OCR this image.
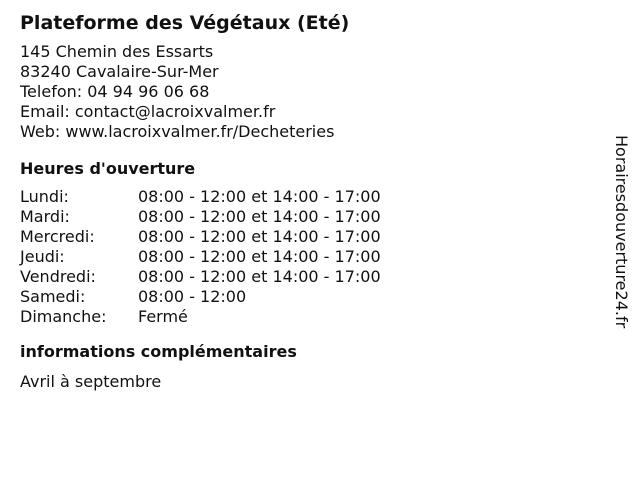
Plateforme des Végétaux (Eté)
145 Chemin des Essarts
83240 Cavalaire-Sur-Mer
Telefon: 04 94 96 06 68
Email: contact@lacroixvalmer.fr
Web: www.lacroixvalmer.fr/Decheteries
Heures d'ouverture
Lundi:	08:00 - 12:00 et 14:00 - 17:00
Mardi:	08:00 - 12:00 et 14:00 - 17:00
Mercredi:	08:00 - 12:00 et 14:00 - 17:00
Jeudi:	08:00 - 12:00 et 14:00 - 17:00
Vendredi:	08:00 - 12:00 et 14:00 - 17:00
Samedi:	08:00 - 12:00
Dimanche:	Fermé
informations complémentaires
Avril à septembre
Horairesdouverture24.fr
